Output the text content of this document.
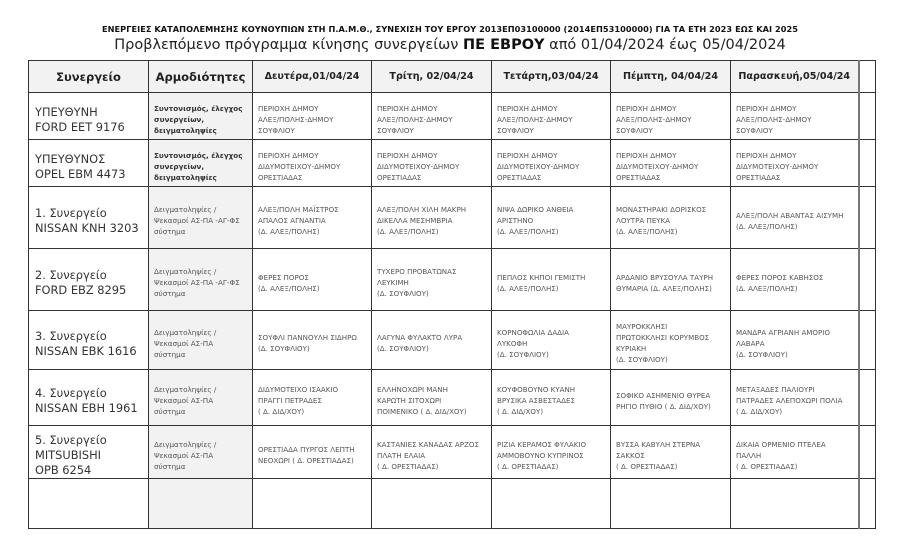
ΕΝΕΡΓΕΙΕΣ ΚΑΤΑΠΟΛΕΜΗΣΗΣ ΚΟΥΝΟΥΠΙΩΝ ΣΤΗ Π.Α.Μ.Θ., ΣΥΝΕΧΙΣΗ ΤΟΥ ΕΡΓΟΥ 2013ΕΠ03100000 (2014ΕΠ53100000) ΓΙΑ ΤΑ ΕΤΗ 2023 ΕΩΣ ΚΑΙ 2025
Προβλεπόμενο πρόγραμμα κίνησης συνεργείων ΠΕ ΕΒΡΟΥ από 01/04/2024 έως 05/04/2024
Συνεργείο	Αρμοδιότητες	Δευτέρα,01/04/24	Τρίτη, 02/04/24	Τετάρτη,03/04/24	Πέμπτη, 04/04/24	Παρασκευή,05/04/24	

ΥΠΕΥΘΥΝΗ
FORD EET 9176	Συντονισμός, έλεγχος
συνεργείων,
δειγματοληψίες	ΠΕΡΙΟΧΗ ΔΗΜΟΥ
ΑΛΕΞ/ΠΟΛΗΣ-ΔΗΜΟΥ
ΣΟΥΦΛΙΟΥ	ΠΕΡΙΟΧΗ ΔΗΜΟΥ
ΑΛΕΞ/ΠΟΛΗΣ-ΔΗΜΟΥ
ΣΟΥΦΛΙΟΥ	ΠΕΡΙΟΧΗ ΔΗΜΟΥ
ΑΛΕΞ/ΠΟΛΗΣ-ΔΗΜΟΥ
ΣΟΥΦΛΙΟΥ	ΠΕΡΙΟΧΗ ΔΗΜΟΥ
ΑΛΕΞ/ΠΟΛΗΣ-ΔΗΜΟΥ
ΣΟΥΦΛΙΟΥ	ΠΕΡΙΟΧΗ ΔΗΜΟΥ
ΑΛΕΞ/ΠΟΛΗΣ-ΔΗΜΟΥ
ΣΟΥΦΛΙΟΥ	

ΥΠΕΥΘΥΝΟΣ
OPEL EBM 4473	Συντονισμός, έλεγχος
συνεργείων,
δειγματοληψίες	ΠΕΡΙΟΧΗ ΔΗΜΟΥ
ΔΙΔΥΜΟΤΕΙΧΟΥ-ΔΗΜΟΥ
ΟΡΕΣΤΙΑΔΑΣ	ΠΕΡΙΟΧΗ ΔΗΜΟΥ
ΔΙΔΥΜΟΤΕΙΧΟΥ-ΔΗΜΟΥ
ΟΡΕΣΤΙΑΔΑΣ	ΠΕΡΙΟΧΗ ΔΗΜΟΥ
ΔΙΔΥΜΟΤΕΙΧΟΥ-ΔΗΜΟΥ
ΟΡΕΣΤΙΑΔΑΣ	ΠΕΡΙΟΧΗ ΔΗΜΟΥ
ΔΙΔΥΜΟΤΕΙΧΟΥ-ΔΗΜΟΥ
ΟΡΕΣΤΙΑΔΑΣ	ΠΕΡΙΟΧΗ ΔΗΜΟΥ
ΔΙΔΥΜΟΤΕΙΧΟΥ-ΔΗΜΟΥ
ΟΡΕΣΤΙΑΔΑΣ	

1. Συνεργείο
NISSAN KNH 3203	Δειγματοληψίες /
Ψεκασμοί ΑΣ-ΠΑ -ΑΓ-ΦΣ
σύστημα	ΑΛΕΞ/ΠΟΛΗ ΜΑΪΣΤΡΟΣ
ΑΠΑΛΟΣ ΑΓΝΑΝΤΙΑ
(Δ. ΑΛΕΞ/ΠΟΛΗΣ)	ΑΛΕΞ/ΠΟΛΗ ΧΙΛΗ ΜΑΚΡΗ
ΔΙΚΕΛΛΑ ΜΕΣΗΜΒΡΙΑ
(Δ. ΑΛΕΞ/ΠΟΛΗΣ)	ΝΙΨΑ ΔΩΡΙΚΟ ΑΝΘΕΙΑ
ΑΡΙΣΤΗΝΟ
(Δ. ΑΛΕΞ/ΠΟΛΗΣ)	ΜΟΝΑΣΤΗΡΑΚΙ ΔΟΡΙΣΚΟΣ
ΛΟΥΤΡΑ ΠΕΥΚΑ
(Δ. ΑΛΕΞ/ΠΟΛΗΣ)	ΑΛΕΞ/ΠΟΛΗ ΑΒΑΝΤΑΣ ΑΙΣΥΜΗ
(Δ. ΑΛΕΞ/ΠΟΛΗΣ)	

2. Συνεργείο
FORD EBZ 8295	Δειγματοληψίες /
Ψεκασμοί ΑΣ-ΠΑ -ΑΓ-ΦΣ
σύστημα	ΦΕΡΕΣ ΠΟΡΟΣ
(Δ. ΑΛΕΞ/ΠΟΛΗΣ)	ΤΥΧΕΡΟ ΠΡΟΒΑΤΩΝΑΣ
ΛΕΥΚΙΜΗ
(Δ. ΣΟΥΦΛΙΟΥ)	ΠΕΠΛΟΣ ΚΗΠΟΙ ΓΕΜΙΣΤΗ
(Δ. ΑΛΕΞ/ΠΟΛΗΣ)	ΑΡΔΑΝΙΟ ΒΡΥΣΟΥΛΑ ΤΑΥΡΗ
ΘΥΜΑΡΙΑ (Δ. ΑΛΕΞ/ΠΟΛΗΣ)	ΦΕΡΕΣ ΠΟΡΟΣ ΚΑΒΗΣΟΣ
(Δ. ΑΛΕΞ/ΠΟΛΗΣ)	

3. Συνεργείο
NISSAN EBK 1616	Δειγματοληψίες /
Ψεκασμοί ΑΣ-ΠΑ
σύστημα	ΣΟΥΦΛΙ ΠΑΝΝΟΥΛΗ ΣΙΔΗΡΩ
(Δ. ΣΟΥΦΛΙΟΥ)	ΛΑΓΥΝΑ ΦΥΛΑΚΤΟ ΛΥΡΑ
(Δ. ΣΟΥΦΛΙΟΥ)	ΚΟΡΝΟΦΩΛΙΑ ΔΑΔΙΑ
ΛΥΚΟΦΗ
(Δ. ΣΟΥΦΛΙΟΥ)	ΜΑΥΡΟΚΚΛΗΣΙ
ΠΡΩΤΟΚΚΛΗΣΙ ΚΟΡΥΜΒΟΣ
ΚΥΡΙΑΚΗ
(Δ. ΣΟΥΦΛΙΟΥ)	ΜΑΝΔΡΑ ΑΓΡΙΑΝΗ ΑΜΟΡΙΟ
ΛΑΒΑΡΑ
(Δ. ΣΟΥΦΛΙΟΥ)	

4. Συνεργείο
NISSAN EBH 1961	Δειγματοληψίες /
Ψεκασμοί ΑΣ-ΠΑ
σύστημα	ΔΙΔΥΜΟΤΕΙΧΟ ΙΣΑΑΚΙΟ
ΠΡΑΓΓΙ ΠΕΤΡΑΔΕΣ
( Δ. ΔΙΔ/ΧΟΥ)	ΕΛΛΗΝΟΧΩΡΙ ΜΑΝΗ
ΚΑΡΩΤΗ ΣΙΤΟΧΩΡΙ
ΠΟΙΜΕΝΙΚΟ ( Δ. ΔΙΔ/ΧΟΥ)	ΚΟΥΦΟΒΟΥΝΟ ΚΥΑΝΗ
ΒΡΥΣΙΚΑ ΑΣΒΕΣΤΑΔΕΣ
( Δ. ΔΙΔ/ΧΟΥ)	ΣΟΦΙΚΟ ΑΣΗΜΕΝΙΟ ΘΥΡΕΑ
ΡΗΓΙΟ ΠΥΘΙΟ ( Δ. ΔΙΔ/ΧΟΥ)	ΜΕΤΑΞΑΔΕΣ ΠΑΛΙΟΥΡΙ
ΠΑΤΡΑΔΕΣ ΑΛΕΠΟΧΩΡΙ ΠΟΛΙΑ
( Δ. ΔΙΔ/ΧΟΥ)	

5. Συνεργείο
MITSUBISHI
OPB 6254	Δειγματοληψίες /
Ψεκασμοί ΑΣ-ΠΑ
σύστημα	ΟΡΕΣΤΙΑΔΑ ΠΥΡΓΟΣ ΛΕΠΤΗ
ΝΕΟΧΩΡΙ ( Δ. ΟΡΕΣΤΙΑΔΑΣ)	ΚΑΣΤΑΝΙΕΣ ΚΑΝΑΔΑΣ ΑΡΖΟΣ
ΠΛΑΤΗ ΕΛΑΙΑ
( Δ. ΟΡΕΣΤΙΑΔΑΣ)	ΡΙΖΙΑ ΚΕΡΑΜΟΣ ΦΥΛΑΚΙΟ
ΑΜΜΟΒΟΥΝΟ ΚΥΠΡΙΝΟΣ
( Δ. ΟΡΕΣΤΙΑΔΑΣ)	ΒΥΣΣΑ ΚΑΒΥΛΗ ΣΤΕΡΝΑ
ΣΑΚΚΟΣ
( Δ. ΟΡΕΣΤΙΑΔΑΣ)	ΔΙΚΑΙΑ ΟΡΜΕΝΙΟ ΠΤΕΛΕΑ
ΠΑΛΛΗ
( Δ. ΟΡΕΣΤΙΑΔΑΣ)	
